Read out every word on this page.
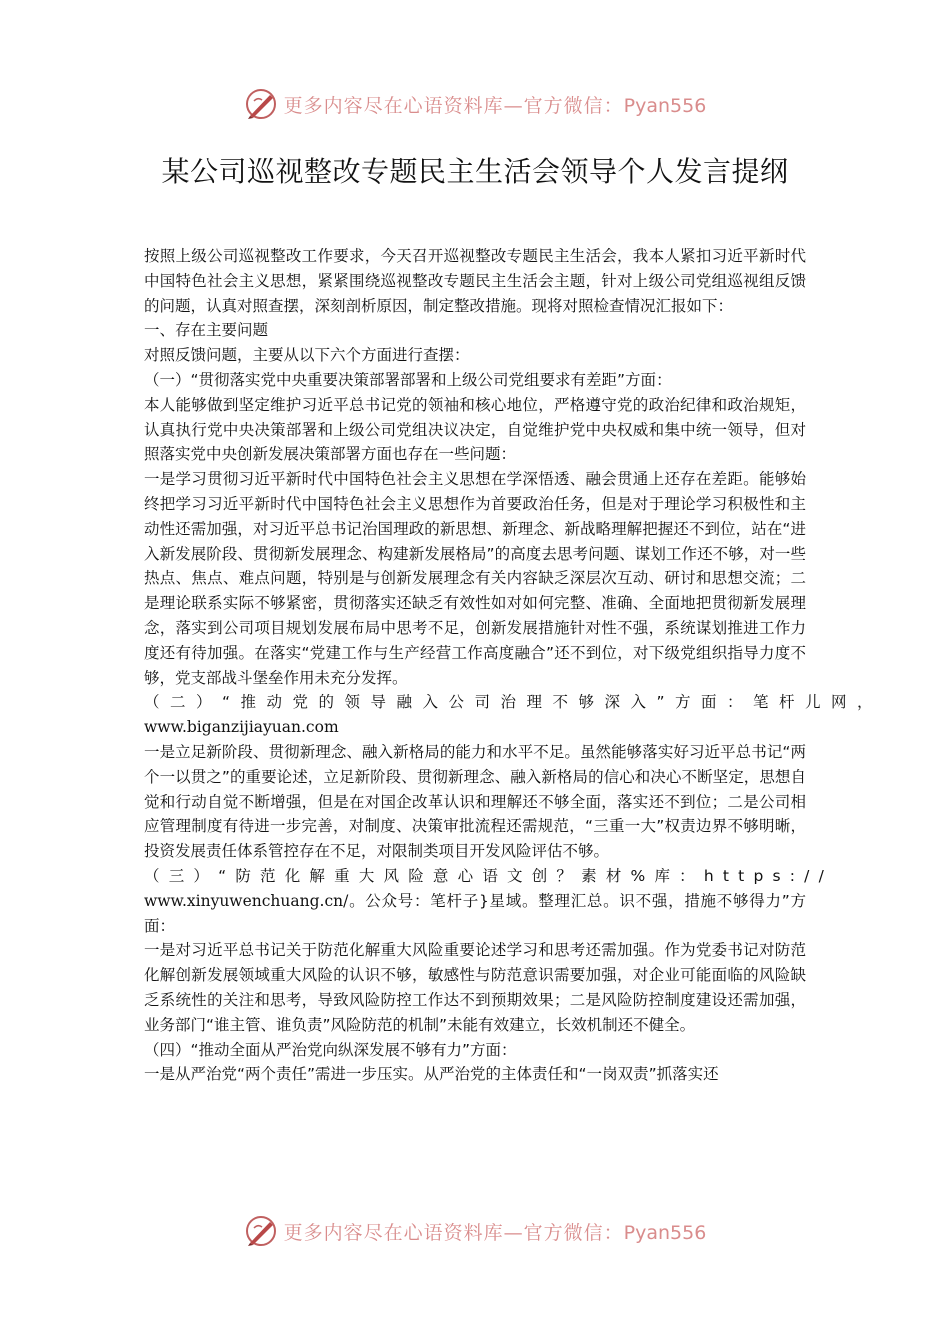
更多内容尽在心语资料库—官方微信：Pyan556
某公司巡视整改专题民主生活会领导个人发言提纲

按照上级公司巡视整改工作要求，今天召开巡视整改专题民主生活会，我本人紧扣习近平新时代中国特色社会主义思想，紧紧围绕巡视整改专题民主生活会主题，针对上级公司党组巡视组反馈的问题，认真对照查摆，深刻剖析原因，制定整改措施。现将对照检查情况汇报如下：

一、存在主要问题

对照反馈问题，主要从以下六个方面进行查摆：

（一）“贯彻落实党中央重要决策部署部署和上级公司党组要求有差距”方面：

本人能够做到坚定维护习近平总书记党的领袖和核心地位，严格遵守党的政治纪律和政治规矩，认真执行党中央决策部署和上级公司党组决议决定，自觉维护党中央权威和集中统一领导，但对照落实党中央创新发展决策部署方面也存在一些问题：

一是学习贯彻习近平新时代中国特色社会主义思想在学深悟透、融会贯通上还存在差距。能够始终把学习习近平新时代中国特色社会主义思想作为首要政治任务，但是对于理论学习积极性和主动性还需加强，对习近平总书记治国理政的新思想、新理念、新战略理解把握还不到位，站在“进入新发展阶段、贯彻新发展理念、构建新发展格局”的高度去思考问题、谋划工作还不够，对一些热点、焦点、难点问题，特别是与创新发展理念有关内容缺乏深层次互动、研讨和思想交流；二是理论联系实际不够紧密，贯彻落实还缺乏有效性如对如何完整、准确、全面地把贯彻新发展理念，落实到公司项目规划发展布局中思考不足，创新发展措施针对性不强，系统谋划推进工作力度还有待加强。在落实“党建工作与生产经营工作高度融合”还不到位，对下级党组织指导力度不够，党支部战斗堡垒作用未充分发挥。

（二）“推动党的领导融入公司治理不够深入”方面：笔杆儿网，

www.biganzijiayuan.com

一是立足新阶段、贯彻新理念、融入新格局的能力和水平不足。虽然能够落实好习近平总书记“两个一以贯之”的重要论述，立足新阶段、贯彻新理念、融入新格局的信心和决心不断坚定，思想自觉和行动自觉不断增强，但是在对国企改革认识和理解还不够全面，落实还不到位；二是公司相应管理制度有待进一步完善，对制度、决策审批流程还需规范，“三重一大”权责边界不够明晰，投资发展责任体系管控存在不足，对限制类项目开发风险评估不够。

（三）“防范化解重大风险意心语文创？素材%库：https://
www.xinyuwenchuang.cn/。公众号：笔杆子}星域。整理汇总。识不强，措施不够得力”方面：

一是对习近平总书记关于防范化解重大风险重要论述学习和思考还需加强。作为党委书记对防范化解创新发展领域重大风险的认识不够，敏感性与防范意识需要加强，对企业可能面临的风险缺乏系统性的关注和思考，导致风险防控工作达不到预期效果；二是风险防控制度建设还需加强，业务部门“谁主管、谁负责”风险防范的机制”未能有效建立，长效机制还不健全。

（四）“推动全面从严治党向纵深发展不够有力”方面：

一是从严治党“两个责任”需进一步压实。从严治党的主体责任和“一岗双责”抓落实还

更多内容尽在心语资料库—官方微信：Pyan556
